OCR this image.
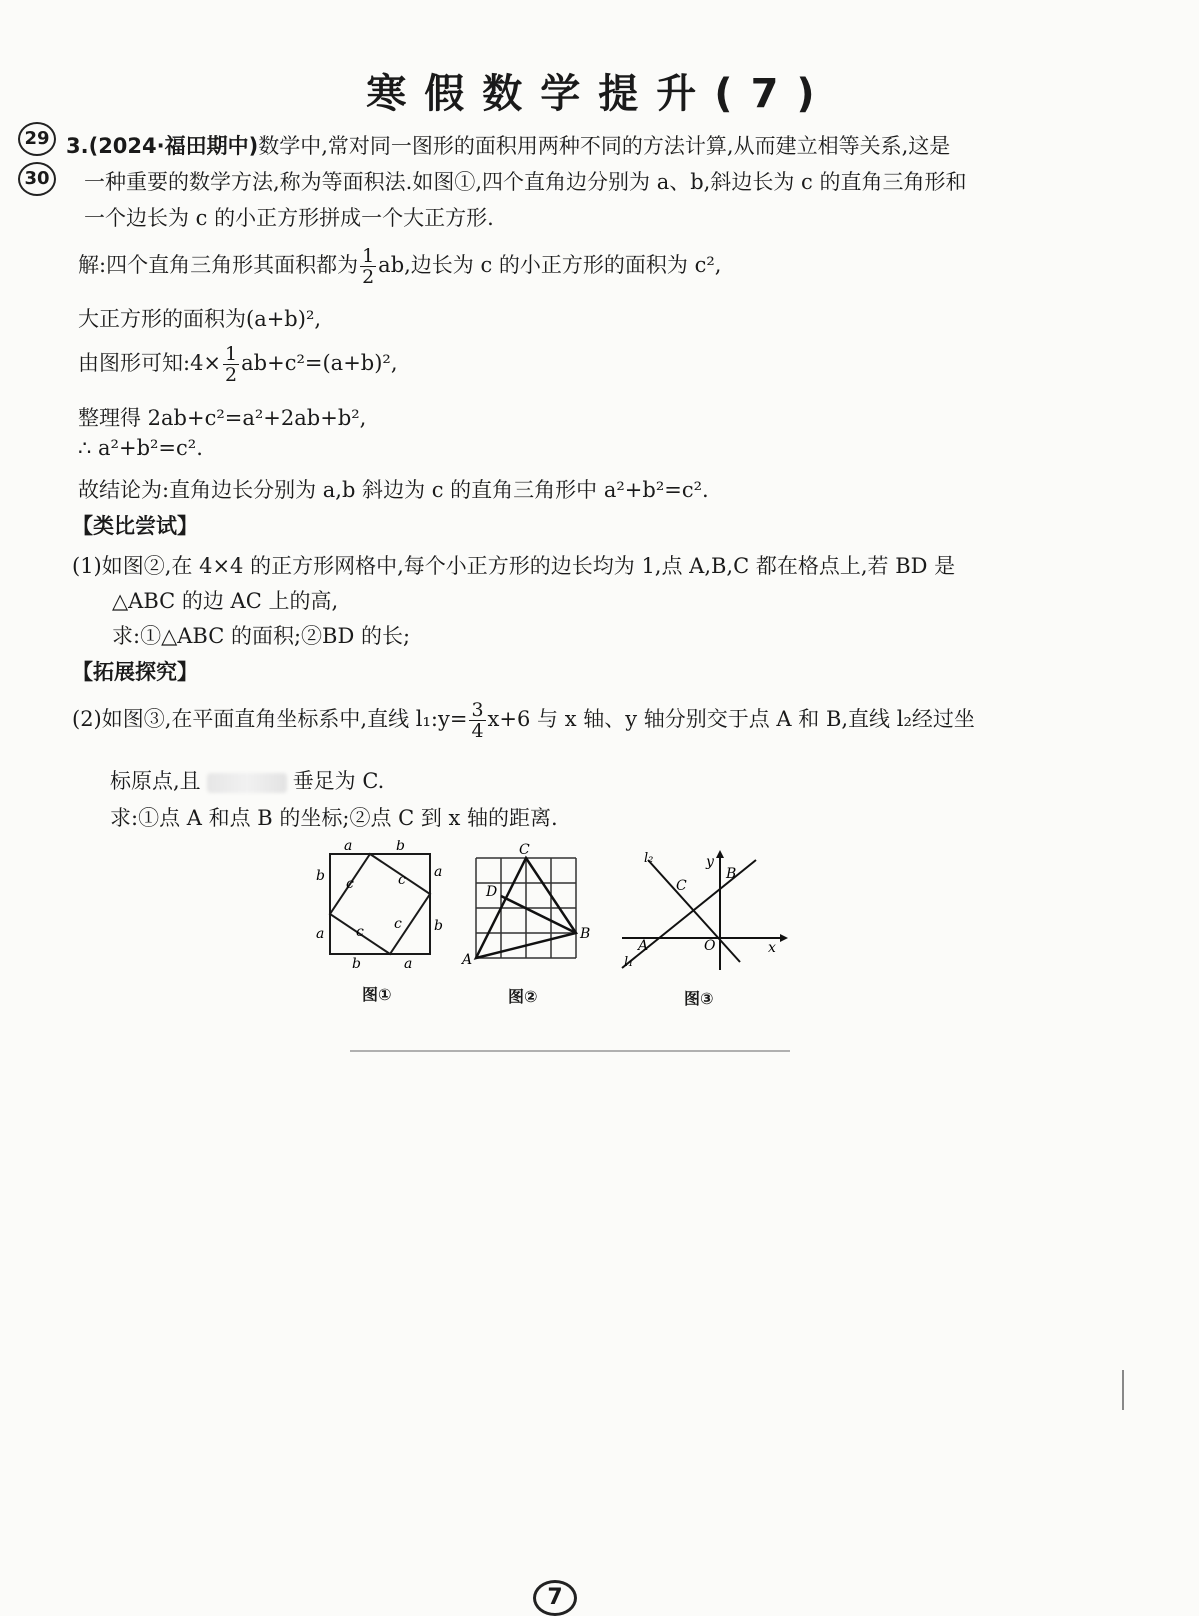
寒假数学提升(7)
29
30
3.(2024·福田期中)数学中,常对同一图形的面积用两种不同的方法计算,从而建立相等关系,这是
一种重要的数学方法,称为等面积法.如图①,四个直角边分别为 a、b,斜边长为 c 的直角三角形和
一个边长为 c 的小正方形拼成一个大正方形.
解:四个直角三角形其面积都为 $\frac{1}{2}$ ab,边长为 c 的小正方形的面积为 c²,
大正方形的面积为(a+b)²,
由图形可知:4× $\frac{1}{2} ab+c^2=(a+b)^2$,
整理得 2ab+c²=a²+2ab+b²,
∴ a²+b²=c².
故结论为:直角边长分别为 a,b 斜边为 c 的直角三角形中 a²+b²=c².
【类比尝试】
(1)如图②,在 4×4 的正方形网格中,每个小正方形的边长均为 1,点 A,B,C 都在格点上,若 BD 是
△ABC 的边 AC 上的高,
求:①△ABC 的面积;②BD 的长;
【拓展探究】
(2)如图③,在平面直角坐标系中,直线 l₁:y= $\frac{3}{4} x+6$ 与 x 轴、y 轴分别交于点 A 和 B,直线 l₂经过坐
标原点,且	垂足为 C.
求:①点 A 和点 B 的坐标;②点 C 到 x 轴的距离.
a	b
a
b
b
a
b	a
c	c
c
c
图①
A
B
C
D
图②
l₂
l₁
A
B
C
O	x
y
图③
7
